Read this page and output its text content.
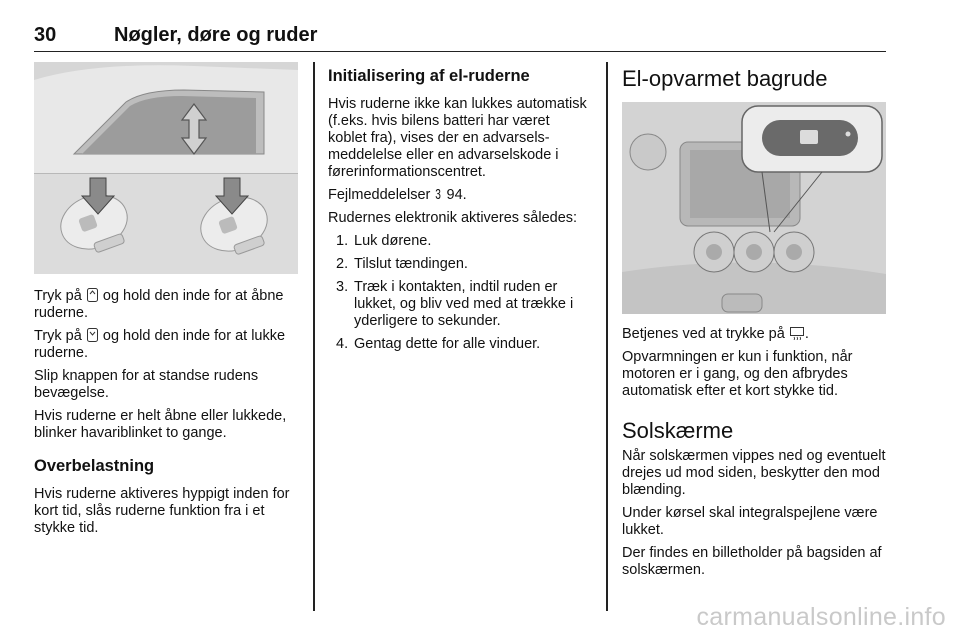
30	Nøgler, døre og ruder
Tryk på og hold den inde for at åbne ruderne.
Tryk på og hold den inde for at lukke ruderne.
Slip knappen for at standse rudens bevægelse.
Hvis ruderne er helt åbne eller lukkede, blinker havariblinket to gange.
Overbelastning
Hvis ruderne aktiveres hyppigt inden for kort tid, slås ruderne funktion fra i et stykke tid.
Initialisering af el-ruderne
Hvis ruderne ikke kan lukkes automatisk (f.eks. hvis bilens batteri har været koblet fra), vises der en advarselsmeddelelse eller en advarselskode i førerinformationscentret.
Fejlmeddelelser 3 94.
Rudernes elektronik aktiveres således:
1. Luk dørene.
2. Tilslut tændingen.
3. Træk i kontakten, indtil ruden er lukket, og bliv ved med at trække i yderligere to sekunder.
4. Gentag dette for alle vinduer.
El-opvarmet bagrude
Betjenes ved at trykke på .
Opvarmningen er kun i funktion, når motoren er i gang, og den afbrydes automatisk efter et kort stykke tid.
Solskærme
Når solskærmen vippes ned og eventuelt drejes ud mod siden, beskytter den mod blænding.
Under kørsel skal integralspejlene være lukket.
Der findes en billetholder på bagsiden af solskærmen.
carmanualsonline.info
